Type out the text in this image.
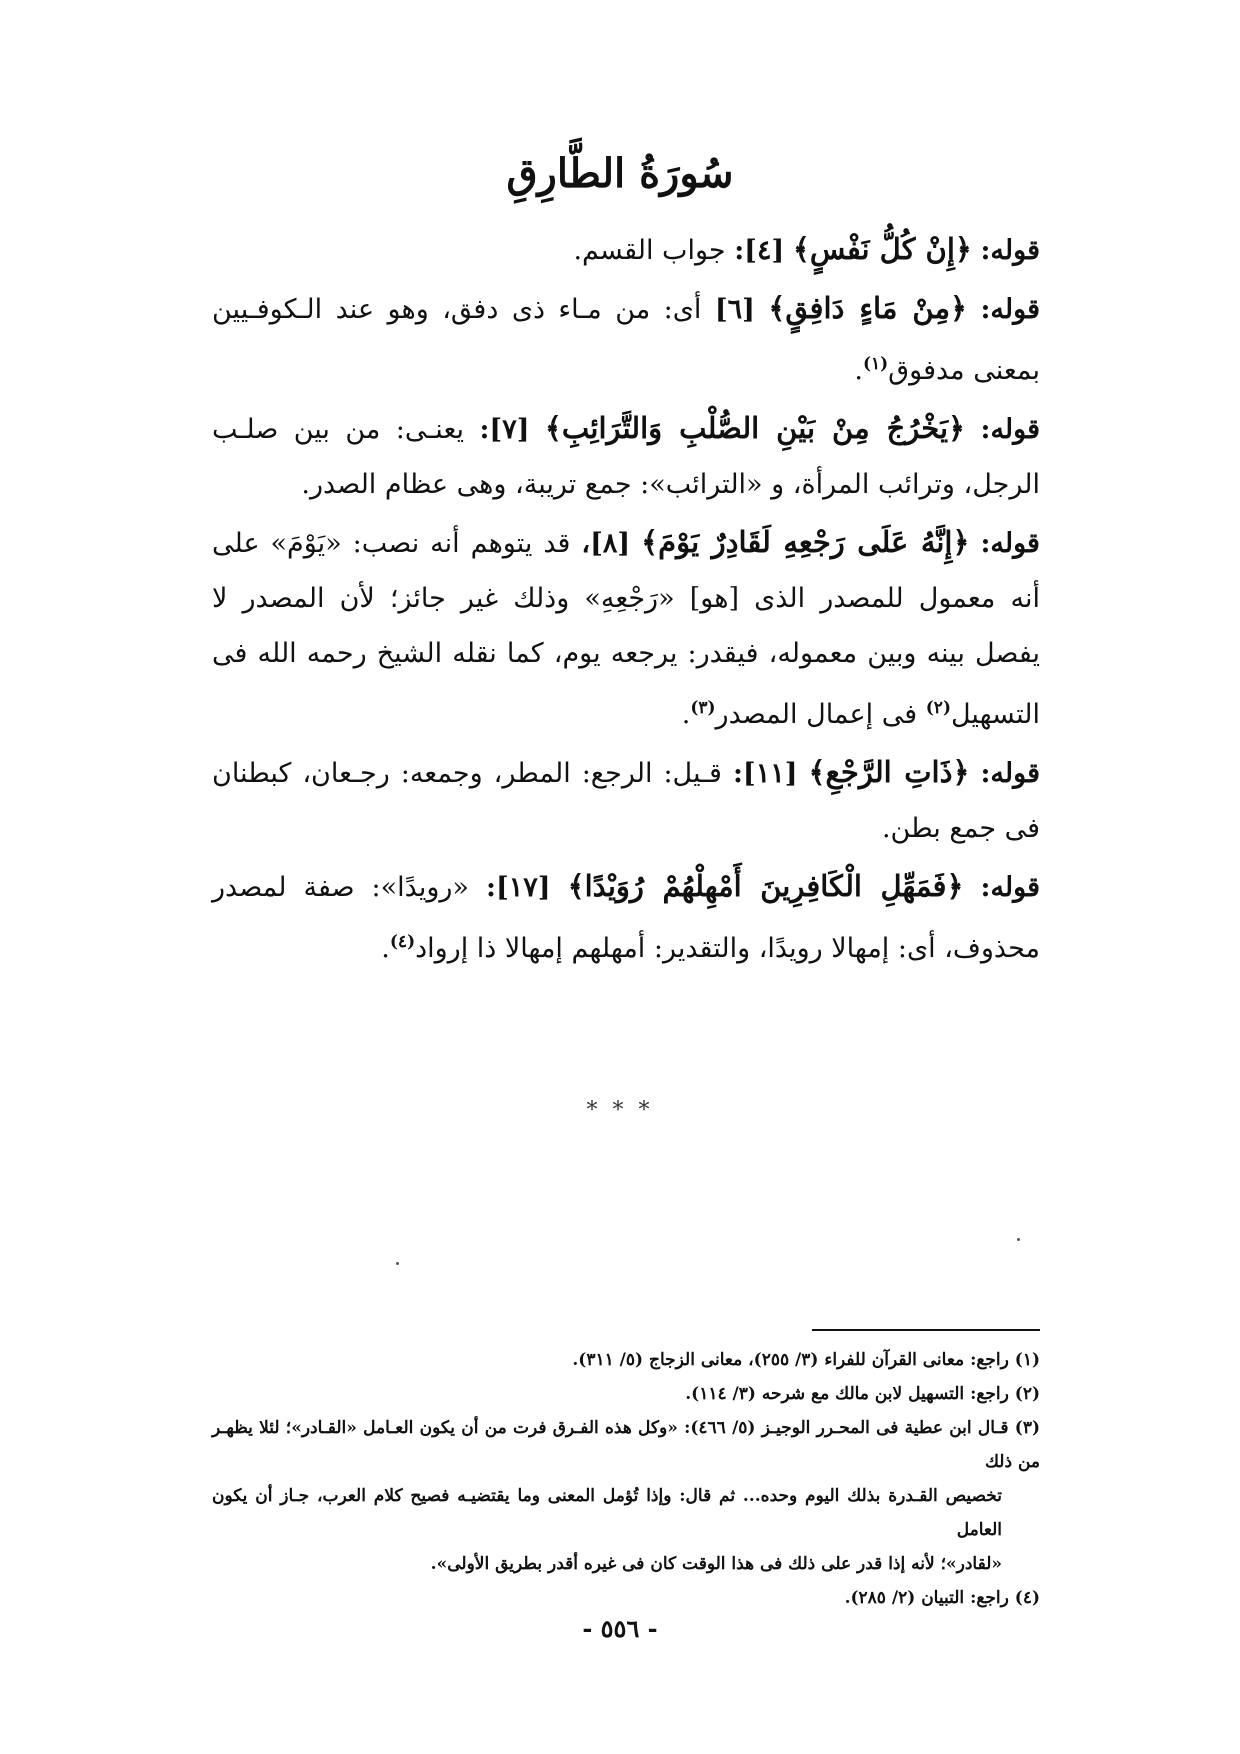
سُورَةُ الطَّارِقِ

قوله: ﴿إِنْ كُلُّ نَفْسٍ﴾ [٤]: جواب القسم.

قوله: ﴿مِنْ مَاءٍ دَافِقٍ﴾ [٦] أى: من مـاء ذى دفق، وهو عند الـكوفـيين بمعنى مدفوق$^{(١)}$.

قوله: ﴿يَخْرُجُ مِنْ بَيْنِ الصُّلْبِ وَالتَّرَائِبِ﴾ [٧]: يعنـى: من بين صلـب الرجل، وترائب المرأة، و «الترائب»: جمع تريبة، وهى عظام الصدر.

قوله: ﴿إِنَّهُ عَلَى رَجْعِهِ لَقَادِرٌ يَوْمَ﴾ [٨]، قد يتوهم أنه نصب: «يَوْمَ» على أنه معمول للمصدر الذى [هو] «رَجْعِهِ» وذلك غير جائز؛ لأن المصدر لا يفصل بينه وبين معموله، فيقدر: يرجعه يوم، كما نقله الشيخ رحمه الله فى التسهيل$^{(٢)}$ فى إعمال المصدر$^{(٣)}$.

قوله: ﴿ذَاتِ الرَّجْعِ﴾ [١١]: قـيل: الرجع: المطر، وجمعه: رجـعان، كبطنان فى جمع بطن.

قوله: ﴿فَمَهِّلِ الْكَافِرِينَ أَمْهِلْهُمْ رُوَيْدًا﴾ [١٧]: «رويدًا»: صفة لمصدر محذوف، أى: إمهالا رويدًا، والتقدير: أمهلهم إمهالا ذا إرواد$^{(٤)}$.

* * *

(١) راجع: معانى القرآن للفراء (٣/ ٢٥٥)، معانى الزجاج (٥/ ٣١١).

(٢) راجع: التسهيل لابن مالك مع شرحه (٣/ ١١٤).

(٣) قـال ابن عطية فى المحـرر الوجيـز (٥/ ٤٦٦): «وكل هذه الفـرق فرت من أن يكون العـامل «القـادر»؛ لئلا يظهـر من ذلك

تخصيص القـدرة بذلك اليوم وحده... ثم قال: وإذا تُؤمل المعنى وما يقتضيـه فصيح كلام العرب، جـاز أن يكون العامل

«لقادر»؛ لأنه إذا قدر على ذلك فى هذا الوقت كان فى غيره أقدر بطريق الأولى».

(٤) راجع: التبيان (٢/ ٢٨٥).

- ٥٥٦ -
